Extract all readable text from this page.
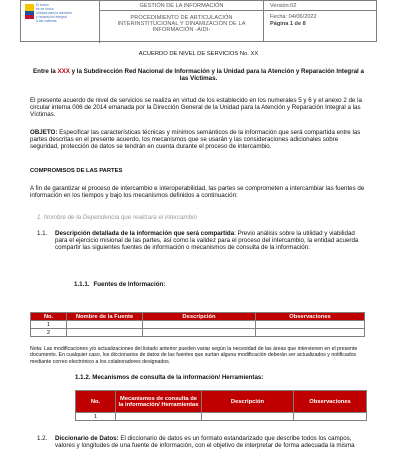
El futuro
es de todos
Unidad para la atención
y reparación integral
a las víctimas
GESTIÓN DE LA INFORMACIÓN	Versión:02
PROCEDIMIENTO DE ARTICULACIÓN
INTERINSTITUCIONAL Y DINAMIZACIÓN DE LA
INFORMACIÓN -AIDI-
Fecha: 04/06/2022
Página 1 de 8
ACUERDO DE NIVEL DE SERVICIOS No. XX
Entre la XXX y la Subdirección Red Nacional de Información y la Unidad para la Atención y Reparación Integral a las Víctimas.
El presente acuerdo de nivel de servicios se realiza en virtud de los establecido en los numerales 5 y 6 y el anexo 2 de la circular interna 006 de 2014 emanada por la Dirección General de la Unidad para la Atención y Reparación Integral a las Víctimas.
OBJETO: Especificar las características técnicas y mínimos semánticos de la información que será compartida entre las partes descritas en el presente acuerdo, los mecanismos que se usarán y las consideraciones adicionales sobre seguridad, protección de datos se tendrán en cuenta durante el proceso de intercambio.
COMPROMISOS DE LAS PARTES
A fin de garantizar el proceso de intercambio e interoperabilidad, las partes se comprometen a intercambiar las fuentes de información en los tiempos y bajo los mecanismos definidos a continuación:
1. Nombre de la Dependencia que realizara el intercambio
1.1. Descripción detallada de la información que será compartida: Previo análisis sobre la utilidad y viabilidad para el ejercicio misional de las partes, así como la validez para el proceso del intercambio, la entidad acuerda compartir las siguientes fuentes de información o mecanismos de consulta de la información:
1.1.1. Fuentes de Información:
No.	Nombre de la Fuente	Descripción	Observaciones
1			
2			
Nota: Las modificaciones y/o actualizaciones del listado anterior pueden variar según la necesidad de las áreas que intervienen en el presente documento. En cualquier caso, los diccionarios de datos de las fuentes que surtan alguna modificación deberán ser actualizados y notificados mediante correo electrónico a los colaboradores designados.
1.1.2. Mecanismos de consulta de la información/ Herramientas:
No.	Mecanismos de consulta de la información/ Herramientas	Descripción	Observaciones
1			
1.2. Diccionario de Datos: El diccionario de datos es un formato estandarizado que describe todos los campos, valores y longitudes de una fuente de información, con el objetivo de interpretar de forma adecuada la misma
